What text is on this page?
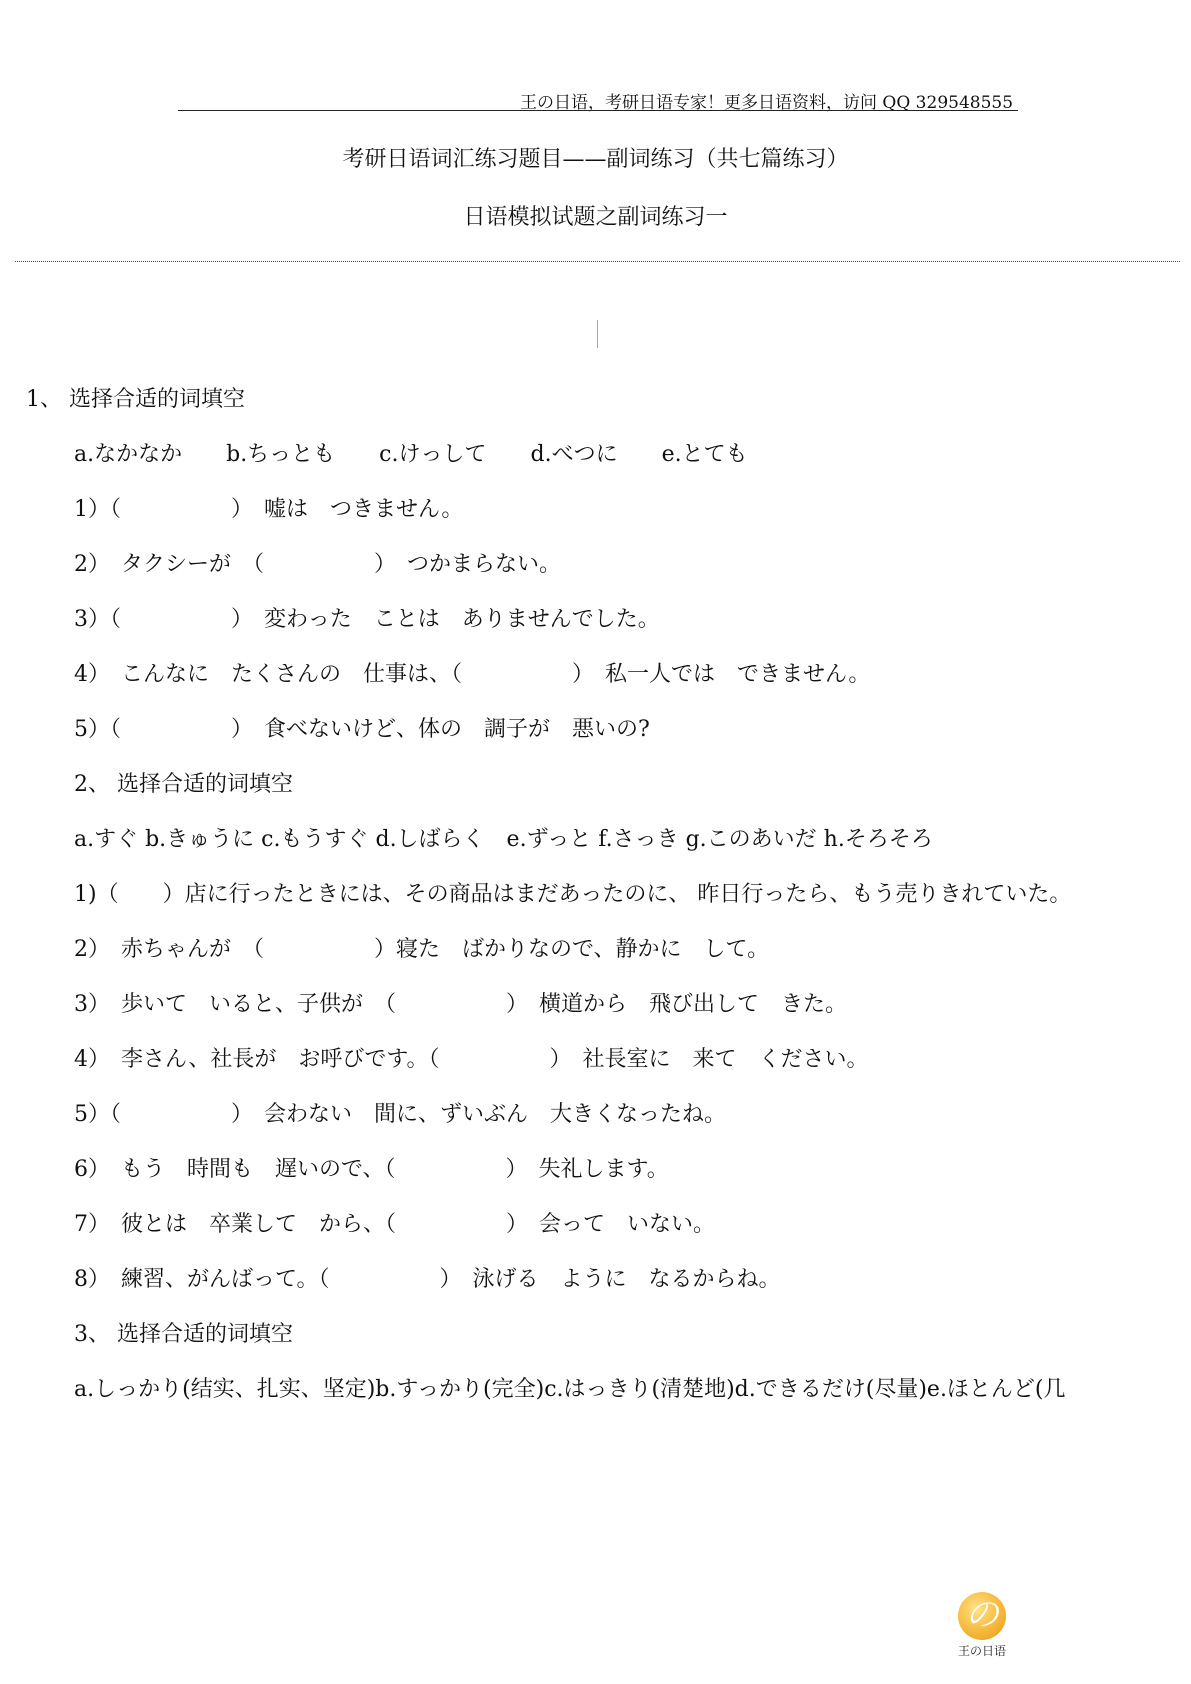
王の日语，考研日语专家！更多日语资料，访问 QQ 329548555
考研日语词汇练习题目——副词练习（共七篇练习）
日语模拟试题之副词练习一
1、 选择合适的词填空
a.なかなか　　b.ちっとも　　c.けっして　　d.べつに　　e.とても
1）（　　　　　）　嘘は　つきません。
2）　タクシーが　（　　　　　）　つかまらない。
3）（　　　　　）　変わった　ことは　ありませんでした。
4）　こんなに　たくさんの　仕事は、（　　　　　）　私一人では　できません。
5）（　　　　　）　食べないけど、体の　調子が　悪いの?
2、 选择合适的词填空
a.すぐ b.きゅうに c.もうすぐ d.しばらく　e.ずっと f.さっき g.このあいだ h.そろそろ
1)（　　）店に行ったときには、その商品はまだあったのに、 昨日行ったら、もう売りきれていた。
2）　赤ちゃんが　（　　　　　）寝た　ばかりなので、静かに　して。
3）　歩いて　いると、子供が　（　　　　　）　横道から　飛び出して　きた。
4）　李さん、社長が　お呼びです。（　　　　　）　社長室に　来て　ください。
5）（　　　　　）　会わない　間に、ずいぶん　大きくなったね。
6）　もう　時間も　遅いので、（　　　　　）　失礼します。
7）　彼とは　卒業して　から、（　　　　　）　会って　いない。
8）　練習、がんばって。（　　　　　）　泳げる　ように　なるからね。
3、 选择合适的词填空
a.しっかり(结实、扎实、坚定)b.すっかり(完全)c.はっきり(清楚地)d.できるだけ(尽量)e.ほとんど(几
の
王の日语
